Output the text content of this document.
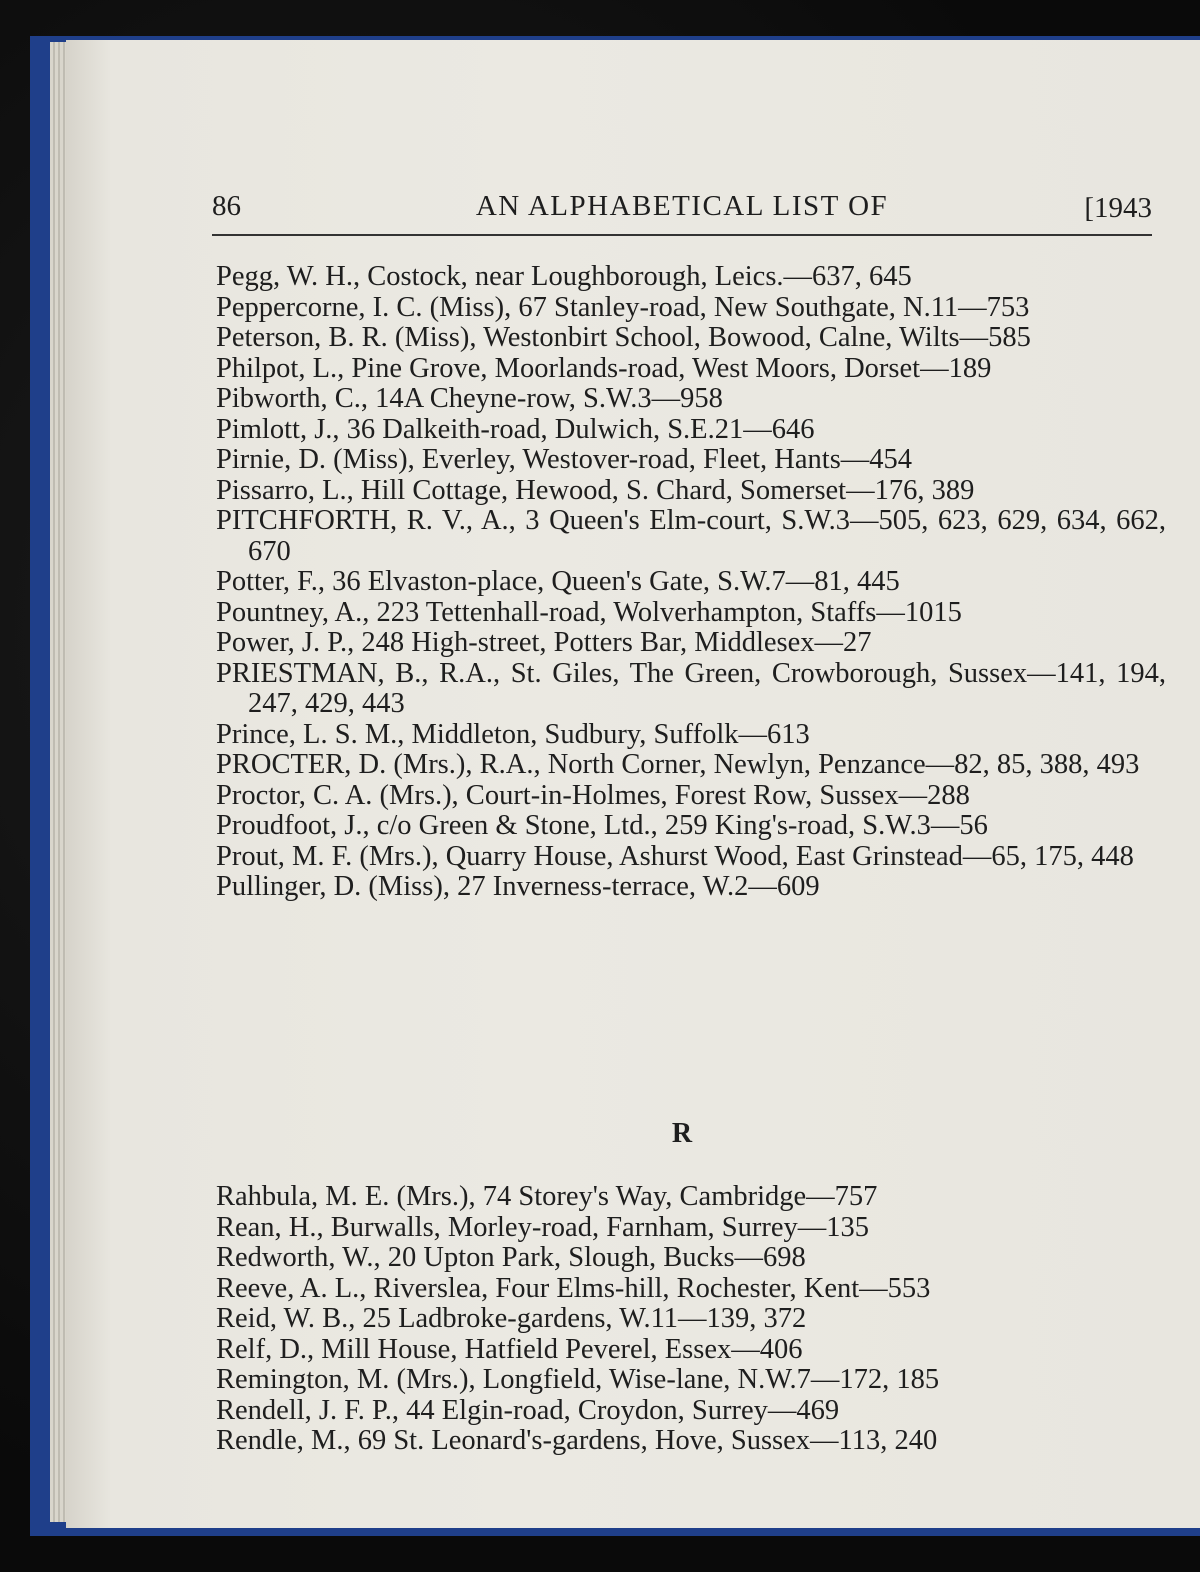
86	AN ALPHABETICAL LIST OF	[1943
Pegg, W. H., Costock, near Loughborough, Leics.—637, 645
Peppercorne, I. C. (Miss), 67 Stanley-road, New Southgate, N.11—753
Peterson, B. R. (Miss), Westonbirt School, Bowood, Calne, Wilts—585
Philpot, L., Pine Grove, Moorlands-road, West Moors, Dorset—189
Pibworth, C., 14A Cheyne-row, S.W.3—958
Pimlott, J., 36 Dalkeith-road, Dulwich, S.E.21—646
Pirnie, D. (Miss), Everley, Westover-road, Fleet, Hants—454
Pissarro, L., Hill Cottage, Hewood, S. Chard, Somerset—176, 389
PITCHFORTH, R. V., A., 3 Queen's Elm-court, S.W.3—505, 623, 629, 634, 662, 670
Potter, F., 36 Elvaston-place, Queen's Gate, S.W.7—81, 445
Pountney, A., 223 Tettenhall-road, Wolverhampton, Staffs—1015
Power, J. P., 248 High-street, Potters Bar, Middlesex—27
PRIESTMAN, B., R.A., St. Giles, The Green, Crowborough, Sussex—141, 194, 247, 429, 443
Prince, L. S. M., Middleton, Sudbury, Suffolk—613
PROCTER, D. (Mrs.), R.A., North Corner, Newlyn, Penzance—82, 85, 388, 493
Proctor, C. A. (Mrs.), Court-in-Holmes, Forest Row, Sussex—288
Proudfoot, J., c/o Green & Stone, Ltd., 259 King's-road, S.W.3—56
Prout, M. F. (Mrs.), Quarry House, Ashurst Wood, East Grinstead—65, 175, 448
Pullinger, D. (Miss), 27 Inverness-terrace, W.2—609
R
Rahbula, M. E. (Mrs.), 74 Storey's Way, Cambridge—757
Rean, H., Burwalls, Morley-road, Farnham, Surrey—135
Redworth, W., 20 Upton Park, Slough, Bucks—698
Reeve, A. L., Riverslea, Four Elms-hill, Rochester, Kent—553
Reid, W. B., 25 Ladbroke-gardens, W.11—139, 372
Relf, D., Mill House, Hatfield Peverel, Essex—406
Remington, M. (Mrs.), Longfield, Wise-lane, N.W.7—172, 185
Rendell, J. F. P., 44 Elgin-road, Croydon, Surrey—469
Rendle, M., 69 St. Leonard's-gardens, Hove, Sussex—113, 240
